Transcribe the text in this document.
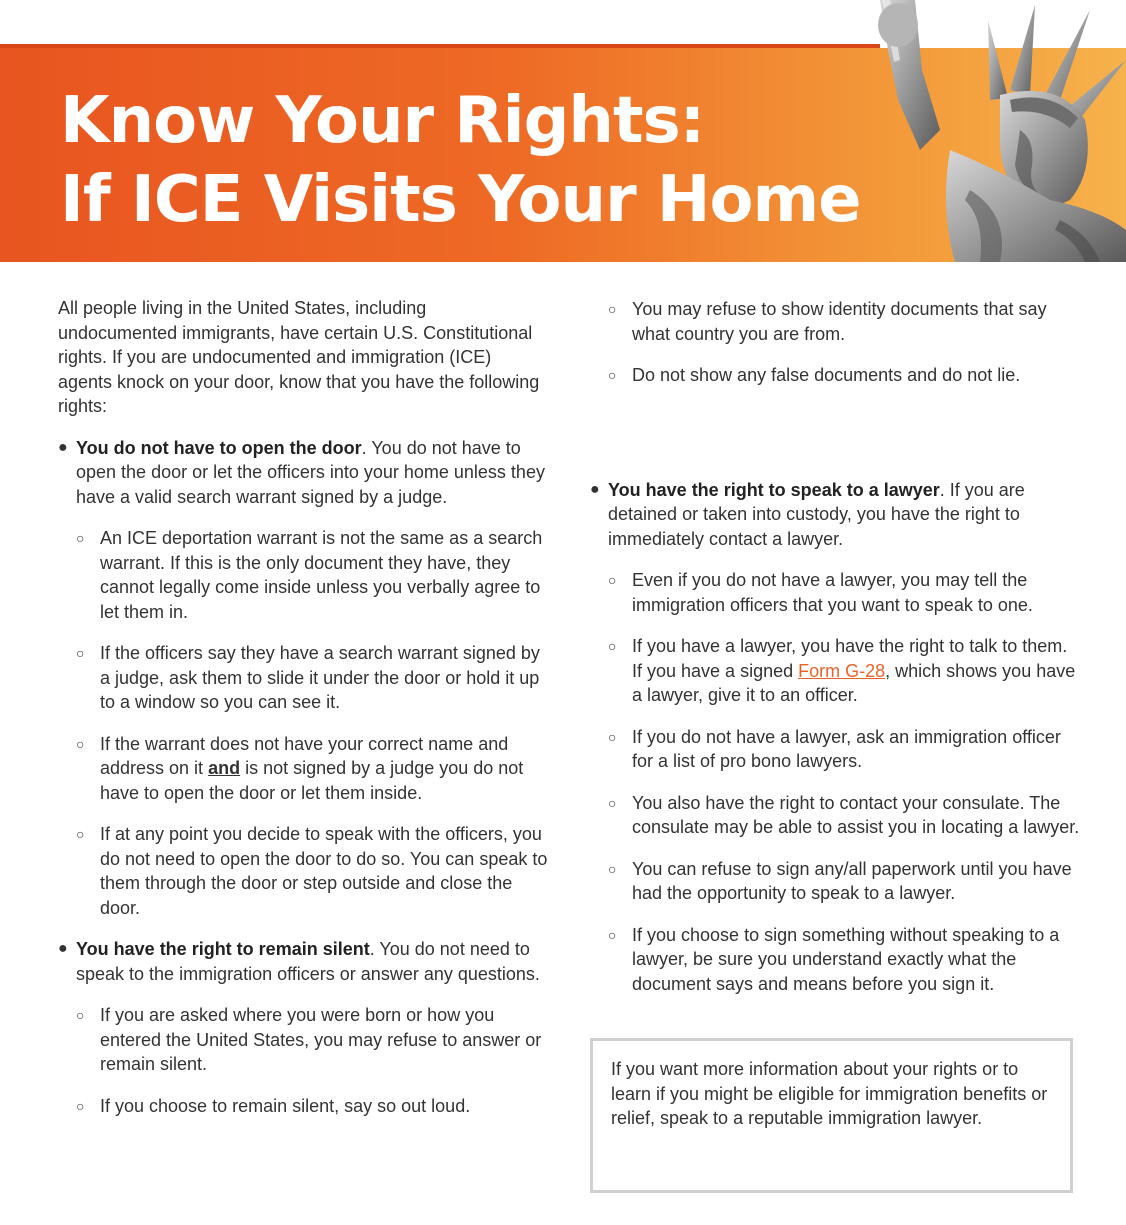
Know Your Rights:
If ICE Visits Your Home

All people living in the United States, including undocumented immigrants, have certain U.S. Constitutional rights. If you are undocumented and immigration (ICE) agents knock on your door, know that you have the following rights:

● You do not have to open the door. You do not have to open the door or let the officers into your home unless they have a valid search warrant signed by a judge.
○ An ICE deportation warrant is not the same as a search warrant. If this is the only document they have, they cannot legally come inside unless you verbally agree to let them in.
○ If the officers say they have a search warrant signed by a judge, ask them to slide it under the door or hold it up to a window so you can see it.
○ If the warrant does not have your correct name and address on it and is not signed by a judge you do not have to open the door or let them inside.
○ If at any point you decide to speak with the officers, you do not need to open the door to do so. You can speak to them through the door or step outside and close the door.
● You have the right to remain silent. You do not need to speak to the immigration officers or answer any questions.
○ If you are asked where you were born or how you entered the United States, you may refuse to answer or remain silent.
○ If you choose to remain silent, say so out loud.
○ You may refuse to show identity documents that say what country you are from.
○ Do not show any false documents and do not lie.
● You have the right to speak to a lawyer. If you are detained or taken into custody, you have the right to immediately contact a lawyer.
○ Even if you do not have a lawyer, you may tell the immigration officers that you want to speak to one.
○ If you have a lawyer, you have the right to talk to them. If you have a signed Form G-28, which shows you have a lawyer, give it to an officer.
○ If you do not have a lawyer, ask an immigration officer for a list of pro bono lawyers.
○ You also have the right to contact your consulate. The consulate may be able to assist you in locating a lawyer.
○ You can refuse to sign any/all paperwork until you have had the opportunity to speak to a lawyer.
○ If you choose to sign something without speaking to a lawyer, be sure you understand exactly what the document says and means before you sign it.
If you want more information about your rights or to learn if you might be eligible for immigration benefits or relief, speak to a reputable immigration lawyer.
